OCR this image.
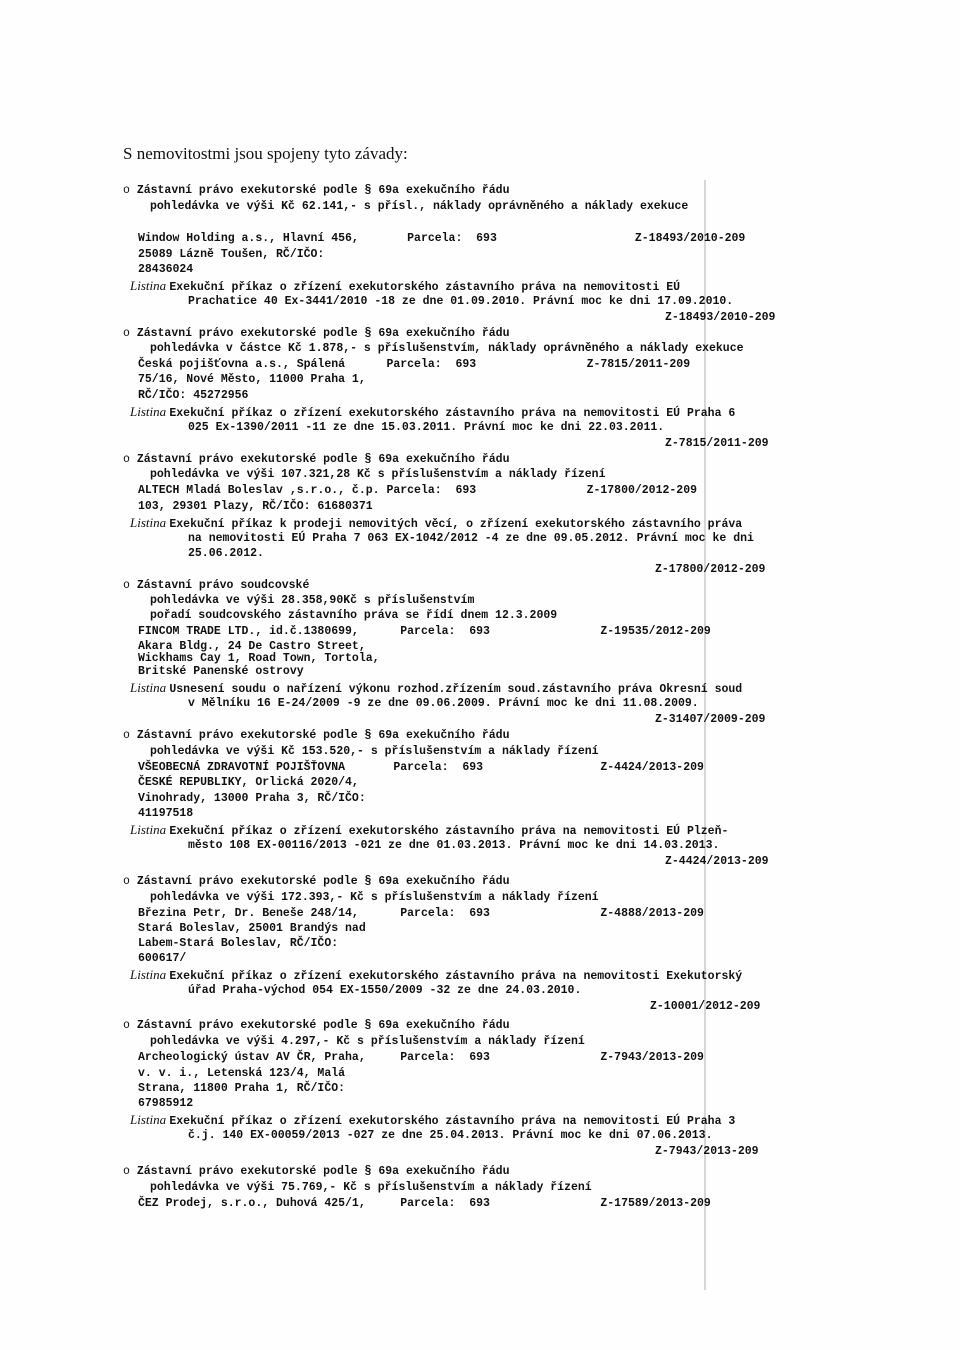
S nemovitostmi jsou spojeny tyto závady:
o Zástavní právo exekutorské podle § 69a exekučního řádu
pohledávka ve výši Kč 62.141,- s přísl., náklady oprávněného a náklady exekuce
Window Holding a.s., Hlavní 456,       Parcela:  693                    Z-18493/2010-209
25089 Lázně Toušen, RČ/IČO:
28436024
Listina Exekuční příkaz o zřízení exekutorského zástavního práva na nemovitosti EÚ
Prachatice 40 Ex-3441/2010 -18 ze dne 01.09.2010. Právní moc ke dni 17.09.2010.
Z-18493/2010-209
o Zástavní právo exekutorské podle § 69a exekučního řádu
pohledávka v částce Kč 1.878,- s příslušenstvím, náklady oprávněného a náklady exekuce
Česká pojišťovna a.s., Spálená      Parcela:  693                Z-7815/2011-209
75/16, Nové Město, 11000 Praha 1,
RČ/IČO: 45272956
Listina Exekuční příkaz o zřízení exekutorského zástavního práva na nemovitosti EÚ Praha 6
025 Ex-1390/2011 -11 ze dne 15.03.2011. Právní moc ke dni 22.03.2011.
Z-7815/2011-209
o Zástavní právo exekutorské podle § 69a exekučního řádu
pohledávka ve výši 107.321,28 Kč s příslušenstvím a náklady řízení
ALTECH Mladá Boleslav ,s.r.o., č.p. Parcela:  693                Z-17800/2012-209
103, 29301 Plazy, RČ/IČO: 61680371
Listina Exekuční příkaz k prodeji nemovitých věcí, o zřízení exekutorského zástavního práva
na nemovitosti EÚ Praha 7 063 EX-1042/2012 -4 ze dne 09.05.2012. Právní moc ke dni
25.06.2012.
Z-17800/2012-209
o Zástavní právo soudcovské
pohledávka ve výši 28.358,90Kč s příslušenstvím
pořadí soudcovského zástavního práva se řídí dnem 12.3.2009
FINCOM TRADE LTD., id.č.1380699,      Parcela:  693                Z-19535/2012-209
Akara Bldg., 24 De Castro Street,
Wickhams Cay 1, Road Town, Tortola,
Britské Panenské ostrovy
Listina Usnesení soudu o nařízení výkonu rozhod.zřízením soud.zástavního práva Okresní soud
v Mělníku 16 E-24/2009 -9 ze dne 09.06.2009. Právní moc ke dni 11.08.2009.
Z-31407/2009-209
o Zástavní právo exekutorské podle § 69a exekučního řádu
pohledávka ve výši Kč 153.520,- s příslušenstvím a náklady řízení
VŠEOBECNÁ ZDRAVOTNÍ POJIŠŤOVNA       Parcela:  693                 Z-4424/2013-209
ČESKÉ REPUBLIKY, Orlická 2020/4,
Vinohrady, 13000 Praha 3, RČ/IČO:
41197518
Listina Exekuční příkaz o zřízení exekutorského zástavního práva na nemovitosti EÚ Plzeň-
město 108 EX-00116/2013 -021 ze dne 01.03.2013. Právní moc ke dni 14.03.2013.
Z-4424/2013-209
o Zástavní právo exekutorské podle § 69a exekučního řádu
pohledávka ve výši 172.393,- Kč s příslušenstvím a náklady řízení
Březina Petr, Dr. Beneše 248/14,      Parcela:  693                Z-4888/2013-209
Stará Boleslav, 25001 Brandýs nad
Labem-Stará Boleslav, RČ/IČO:
600617/
Listina Exekuční příkaz o zřízení exekutorského zástavního práva na nemovitosti Exekutorský
úřad Praha-východ 054 EX-1550/2009 -32 ze dne 24.03.2010.
Z-10001/2012-209
o Zástavní právo exekutorské podle § 69a exekučního řádu
pohledávka ve výši 4.297,- Kč s příslušenstvím a náklady řízení
Archeologický ústav AV ČR, Praha,     Parcela:  693                Z-7943/2013-209
v. v. i., Letenská 123/4, Malá
Strana, 11800 Praha 1, RČ/IČO:
67985912
Listina Exekuční příkaz o zřízení exekutorského zástavního práva na nemovitosti EÚ Praha 3
č.j. 140 EX-00059/2013 -027 ze dne 25.04.2013. Právní moc ke dni 07.06.2013.
Z-7943/2013-209
o Zástavní právo exekutorské podle § 69a exekučního řádu
pohledávka ve výši 75.769,- Kč s příslušenstvím a náklady řízení
ČEZ Prodej, s.r.o., Duhová 425/1,     Parcela:  693                Z-17589/2013-209
